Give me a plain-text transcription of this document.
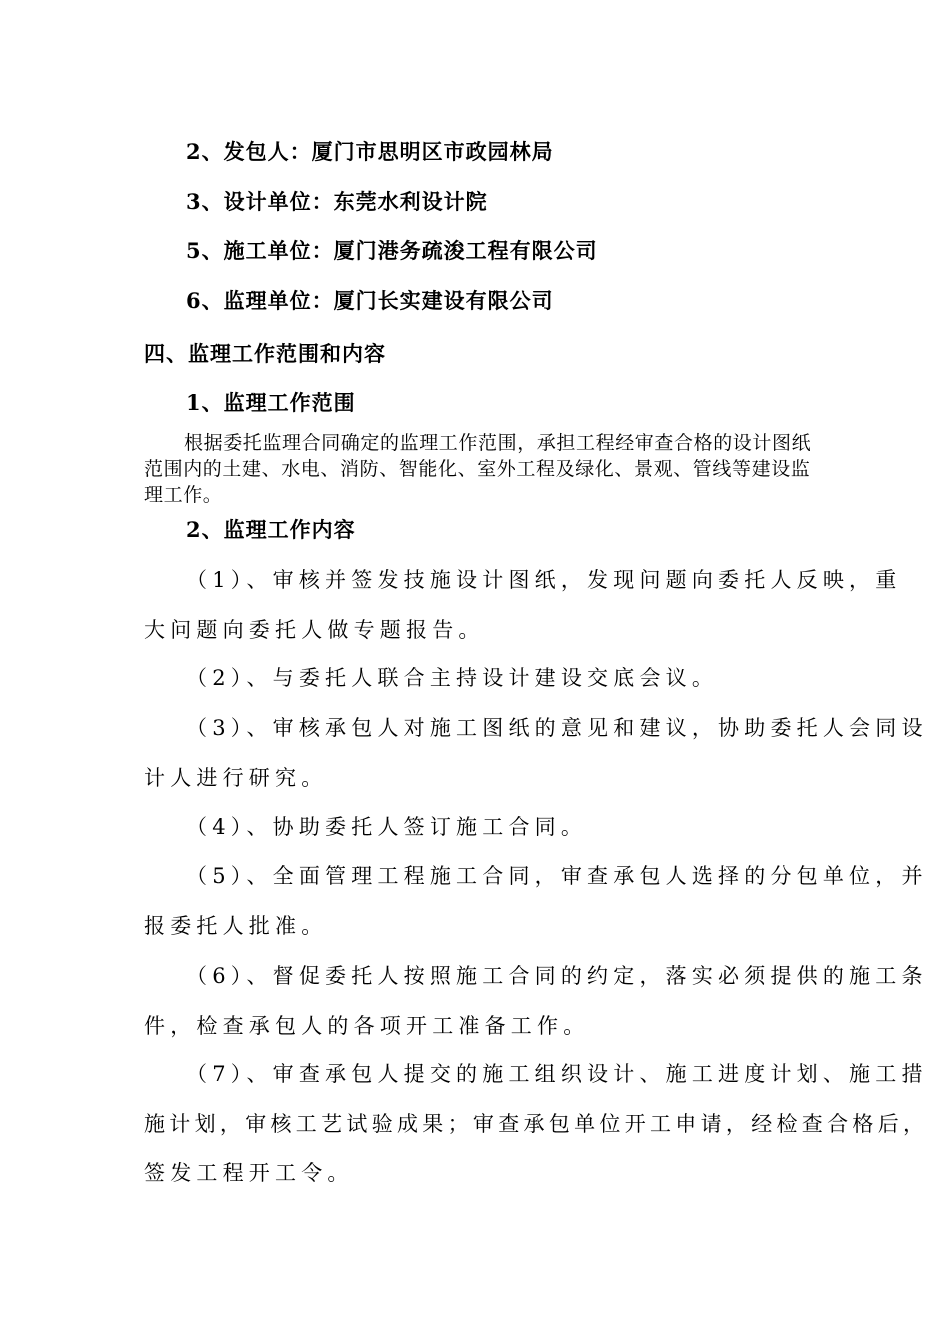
2、发包人：厦门市思明区市政园林局
3、设计单位：东莞水利设计院
5、施工单位：厦门港务疏浚工程有限公司
6、监理单位：厦门长实建设有限公司
四、监理工作范围和内容
1、监理工作范围
根据委托监理合同确定的监理工作范围，承担工程经审查合格的设计图纸
范围内的土建、水电、消防、智能化、室外工程及绿化、景观、管线等建设监
理工作。
2、监理工作内容
（1）、审核并签发技施设计图纸，发现问题向委托人反映，重
大问题向委托人做专题报告。
（2）、与委托人联合主持设计建设交底会议。
（3）、审核承包人对施工图纸的意见和建议，协助委托人会同设
计人进行研究。
（4）、协助委托人签订施工合同。
（5）、全面管理工程施工合同，审查承包人选择的分包单位，并
报委托人批准。
（6）、督促委托人按照施工合同的约定，落实必须提供的施工条
件，检查承包人的各项开工准备工作。
（7）、审查承包人提交的施工组织设计、施工进度计划、施工措
施计划，审核工艺试验成果；审查承包单位开工申请，经检查合格后，
签发工程开工令。
